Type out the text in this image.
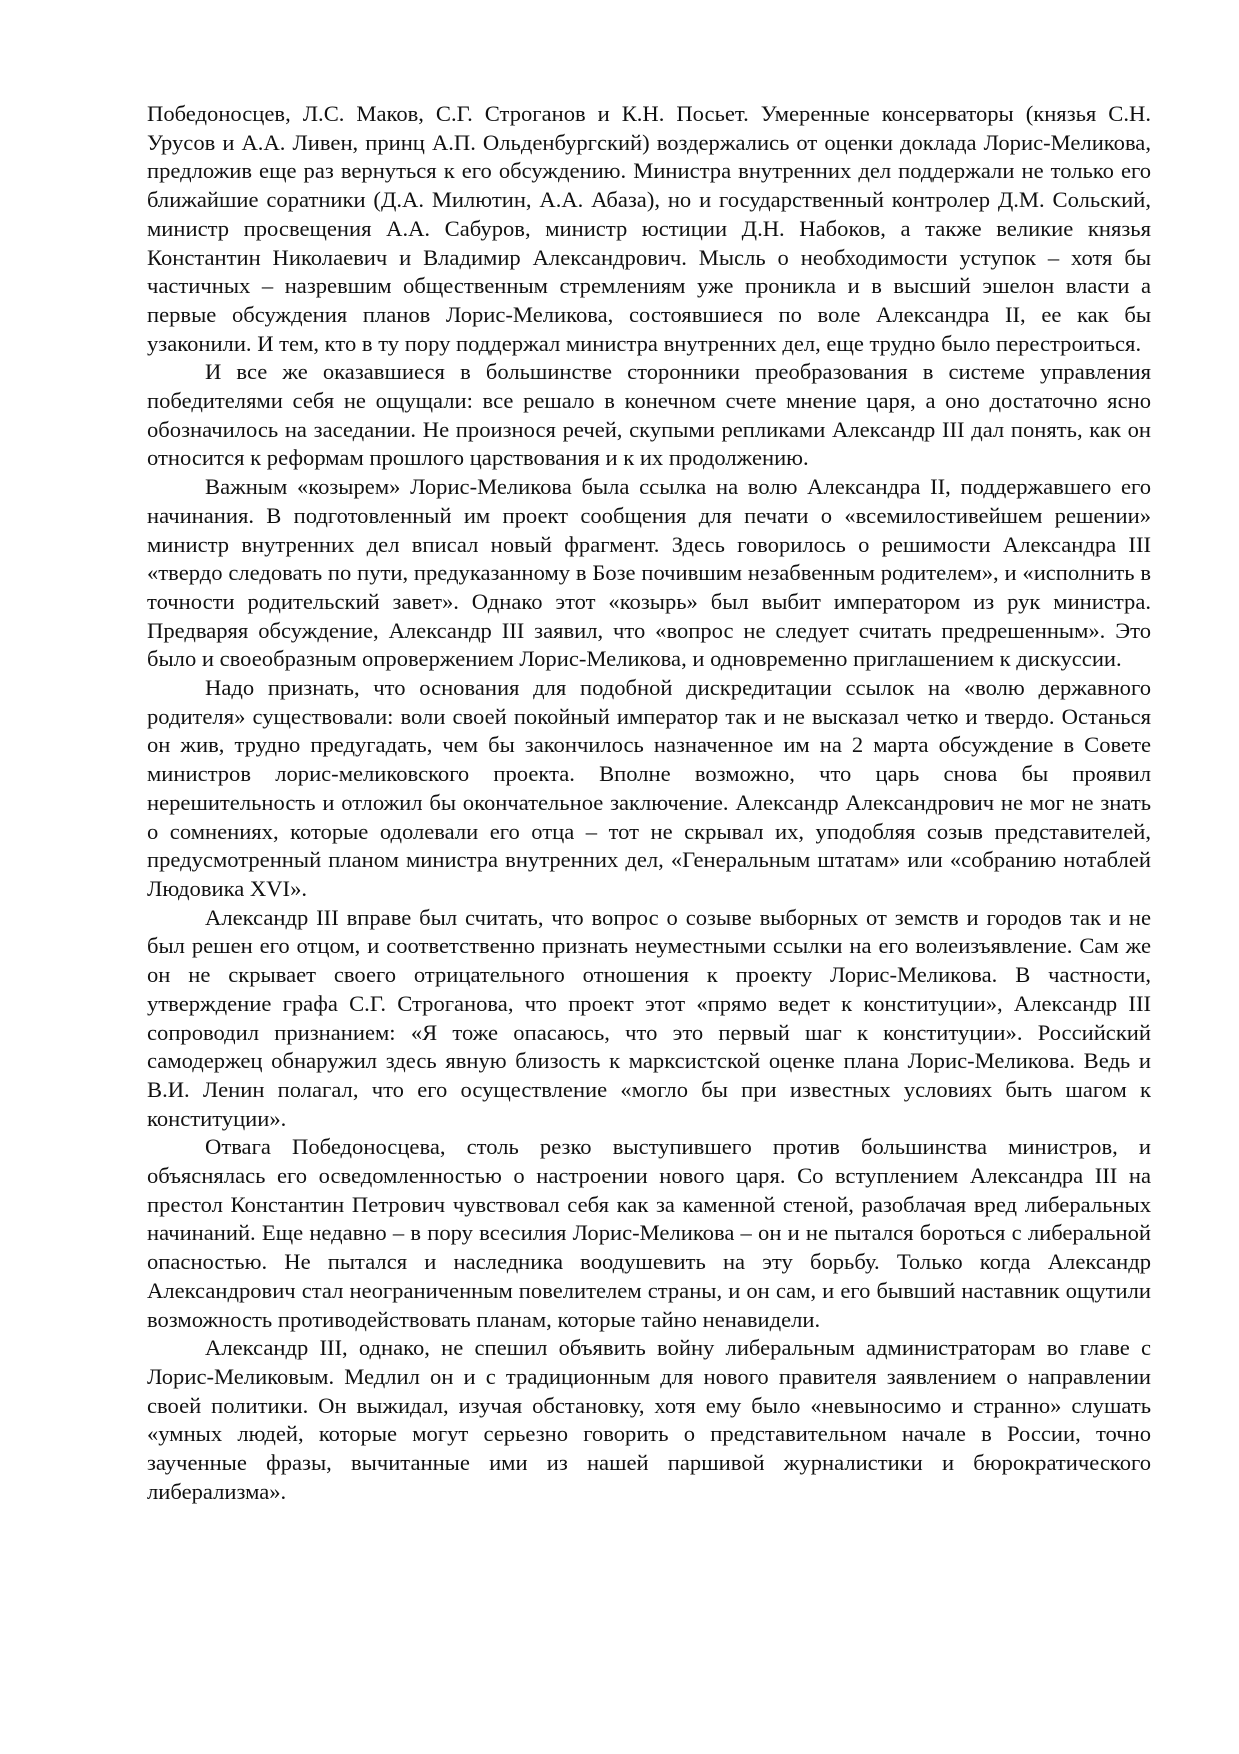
Победоносцев, Л.С. Маков, С.Г. Строганов и К.Н. Посьет. Умеренные консерваторы (князья С.Н. Урусов и А.А. Ливен, принц А.П. Ольденбургский) воздержались от оценки доклада Лорис-Меликова, предложив еще раз вернуться к его обсуждению. Министра внутренних дел поддержали не только его ближайшие соратники (Д.А. Милютин, А.А. Абаза), но и государственный контролер Д.М. Сольский, министр просвещения А.А. Сабуров, министр юстиции Д.Н. Набоков, а также великие князья Константин Николаевич и Владимир Александрович. Мысль о необходимости уступок – хотя бы частичных – назревшим общественным стремлениям уже проникла и в высший эшелон власти а первые обсуждения планов Лорис-Меликова, состоявшиеся по воле Александра II, ее как бы узаконили. И тем, кто в ту пору поддержал министра внутренних дел, еще трудно было перестроиться.

И все же оказавшиеся в большинстве сторонники преобразования в системе управления победителями себя не ощущали: все решало в конечном счете мнение царя, а оно достаточно ясно обозначилось на заседании. Не произнося речей, скупыми репликами Александр III дал понять, как он относится к реформам прошлого царствования и к их продолжению.

Важным «козырем» Лорис-Меликова была ссылка на волю Александра II, поддержавшего его начинания. В подготовленный им проект сообщения для печати о «всемилостивейшем решении» министр внутренних дел вписал новый фрагмент. Здесь говорилось о решимости Александра III «твердо следовать по пути, предуказанному в Бозе почившим незабвенным родителем», и «исполнить в точности родительский завет». Однако этот «козырь» был выбит императором из рук министра. Предваряя обсуждение, Александр III заявил, что «вопрос не следует считать предрешенным». Это было и своеобразным опровержением Лорис-Меликова, и одновременно приглашением к дискуссии.

Надо признать, что основания для подобной дискредитации ссылок на «волю державного родителя» существовали: воли своей покойный император так и не высказал четко и твердо. Останься он жив, трудно предугадать, чем бы закончилось назначенное им на 2 марта обсуждение в Совете министров лорис-меликовского проекта. Вполне возможно, что царь снова бы проявил нерешительность и отложил бы окончательное заключение. Александр Александрович не мог не знать о сомнениях, которые одолевали его отца – тот не скрывал их, уподобляя созыв представителей, предусмотренный планом министра внутренних дел, «Генеральным штатам» или «собранию нотаблей Людовика XVI».

Александр III вправе был считать, что вопрос о созыве выборных от земств и городов так и не был решен его отцом, и соответственно признать неуместными ссылки на его волеизъявление. Сам же он не скрывает своего отрицательного отношения к проекту Лорис-Меликова. В частности, утверждение графа С.Г. Строганова, что проект этот «прямо ведет к конституции», Александр III сопроводил признанием: «Я тоже опасаюсь, что это первый шаг к конституции». Российский самодержец обнаружил здесь явную близость к марксистской оценке плана Лорис-Меликова. Ведь и В.И. Ленин полагал, что его осуществление «могло бы при известных условиях быть шагом к конституции».

Отвага Победоносцева, столь резко выступившего против большинства министров, и объяснялась его осведомленностью о настроении нового царя. Со вступлением Александра III на престол Константин Петрович чувствовал себя как за каменной стеной, разоблачая вред либеральных начинаний. Еще недавно – в пору всесилия Лорис-Меликова – он и не пытался бороться с либеральной опасностью. Не пытался и наследника воодушевить на эту борьбу. Только когда Александр Александрович стал неограниченным повелителем страны, и он сам, и его бывший наставник ощутили возможность противодействовать планам, которые тайно ненавидели.

Александр III, однако, не спешил объявить войну либеральным администраторам во главе с Лорис-Меликовым. Медлил он и с традиционным для нового правителя заявлением о направлении своей политики. Он выжидал, изучая обстановку, хотя ему было «невыносимо и странно» слушать «умных людей, которые могут серьезно говорить о представительном начале в России, точно заученные фразы, вычитанные ими из нашей паршивой журналистики и бюрократического либерализма».
